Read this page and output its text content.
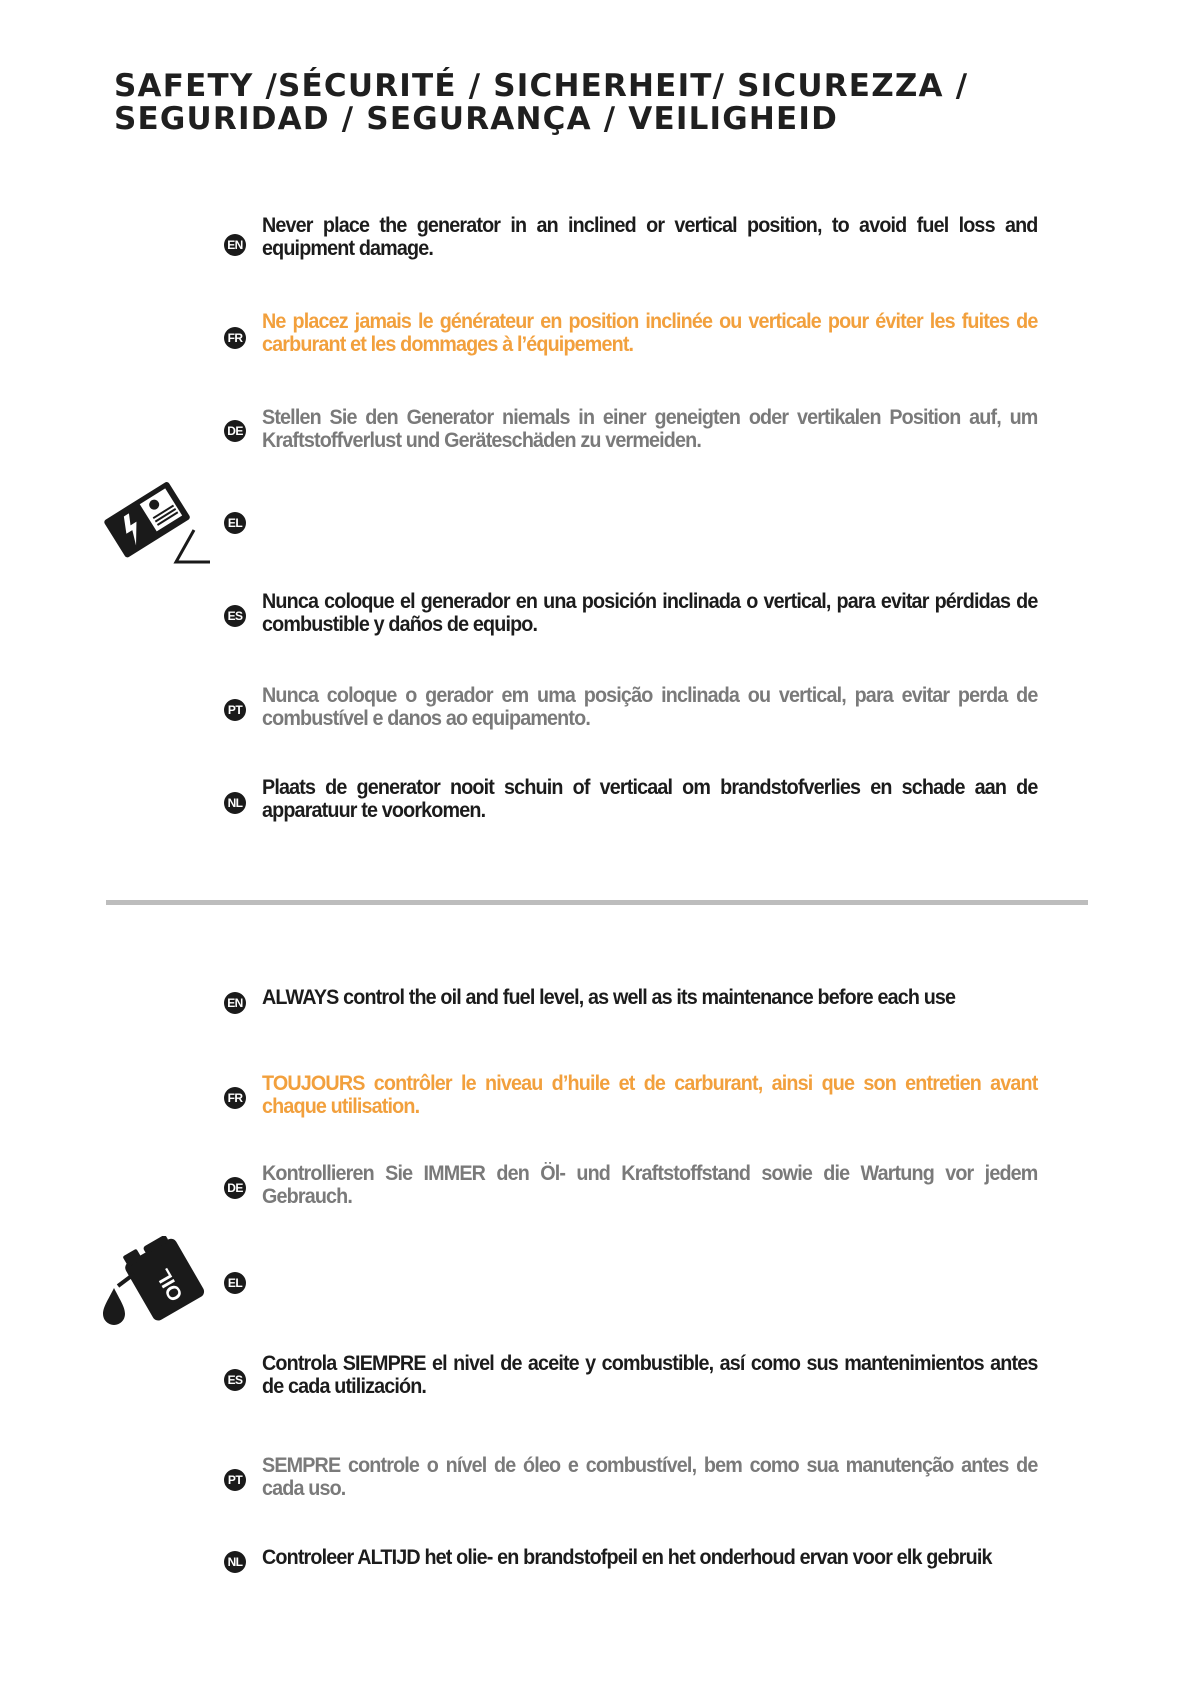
SAFETY /SÉCURITÉ / SICHERHEIT/ SICUREZZA /
SEGURIDAD / SEGURANÇA / VEILIGHEID
EN
Never place the generator in an inclined or vertical position, to avoid fuel loss and equipment damage.
FR
Ne placez jamais le générateur en position inclinée ou verticale pour éviter les fuites de carburant et les dommages à l’équipement.
DE
Stellen Sie den Generator niemals in einer geneigten oder vertikalen Position auf, um Kraftstoffverlust und Geräteschäden zu vermeiden.
EL
ES
Nunca coloque el generador en una posición inclinada o vertical, para evitar pérdidas de combustible y daños de equipo.
PT
Nunca coloque o gerador em uma posição inclinada ou vertical, para evitar perda de combustível e danos ao equipamento.
NL
Plaats de generator nooit schuin of verticaal om brandstofverlies en schade aan de apparatuur te voorkomen.
OIL
EN ALWAYS control the oil and fuel level, as well as its maintenance before each use
FR
TOUJOURS contrôler le niveau d’huile et de carburant, ainsi que son entretien avant chaque utilisation.
DE
Kontrollieren Sie IMMER den Öl- und Kraftstoffstand sowie die Wartung vor jedem Gebrauch.
EL
ES
Controla SIEMPRE el nivel de aceite y combustible, así como sus mantenimientos antes de cada utilización.
PT
SEMPRE controle o nível de óleo e combustível, bem como sua manutenção antes de cada uso.
NL Controleer ALTIJD het olie- en brandstofpeil en het onderhoud ervan voor elk gebruik
